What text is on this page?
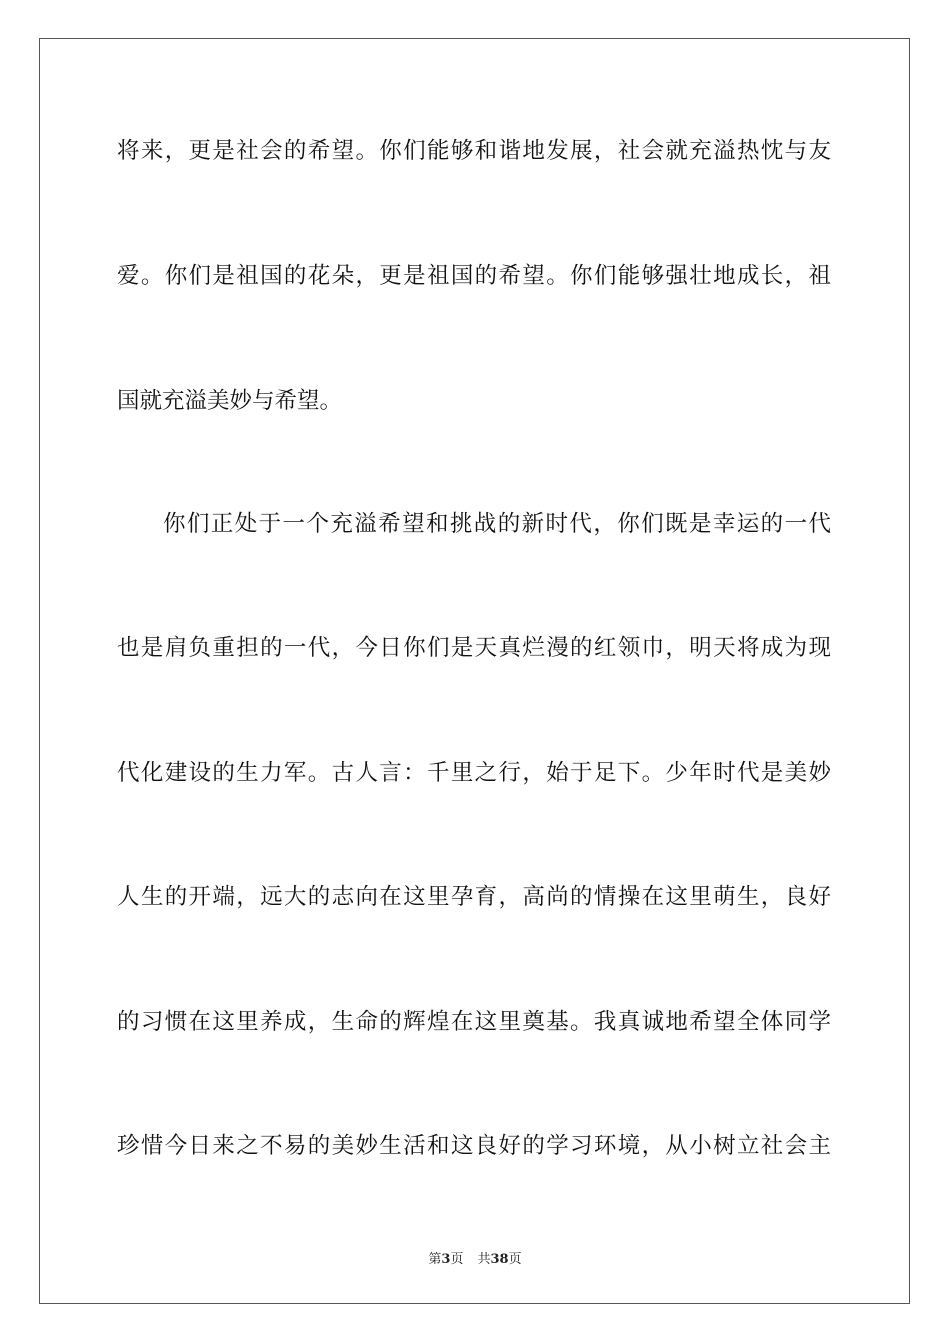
将来，更是社会的希望。你们能够和谐地发展，社会就充溢热忱与友
爱。你们是祖国的花朵，更是祖国的希望。你们能够强壮地成长，祖
国就充溢美妙与希望。
你们正处于一个充溢希望和挑战的新时代，你们既是幸运的一代
也是肩负重担的一代，今日你们是天真烂漫的红领巾，明天将成为现
代化建设的生力军。古人言：千里之行，始于足下。少年时代是美妙
人生的开端，远大的志向在这里孕育，高尚的情操在这里萌生，良好
的习惯在这里养成，生命的辉煌在这里奠基。我真诚地希望全体同学
珍惜今日来之不易的美妙生活和这良好的学习环境，从小树立社会主
第3页 共38页
